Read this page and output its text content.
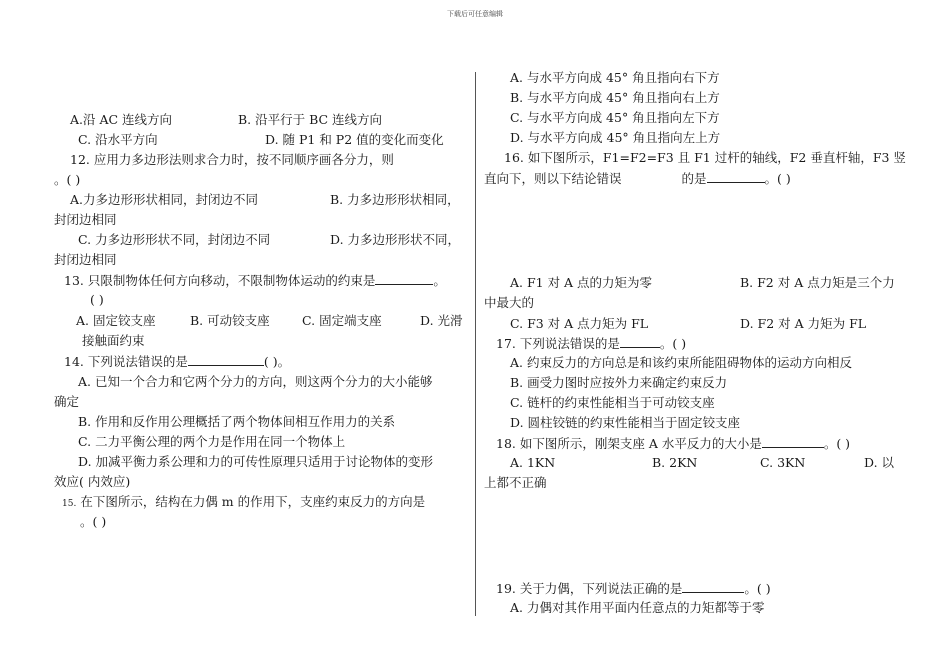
下载后可任意编辑
A.沿 AC 连线方向	B. 沿平行于 BC 连线方向
C. 沿水平方向	D. 随 P1 和 P2 值的变化而变化
12. 应用力多边形法则求合力时，按不同顺序画各分力，则
。( )
A.力多边形形状相同，封闭边不同	B. 力多边形形状相同，
封闭边相同
C. 力多边形形状不同，封闭边不同	D. 力多边形形状不同，
封闭边相同
13. 只限制物体任何方向移动，不限制物体运动的约束是	。
( )
A. 固定铰支座	B. 可动铰支座	C. 固定端支座	D. 光滑
接触面约束
14. 下列说法错误的是	( )。
A. 已知一个合力和它两个分力的方向，则这两个分力的大小能够
确定
B. 作用和反作用公理概括了两个物体间相互作用力的关系
C. 二力平衡公理的两个力是作用在同一个物体上
D. 加减平衡力系公理和力的可传性原理只适用于讨论物体的变形
效应( 内效应)
15. 在下图所示，结构在力偶 m 的作用下，支座约束反力的方向是
。( )
A. 与水平方向成 45° 角且指向右下方
B. 与水平方向成 45° 角且指向右上方
C. 与水平方向成 45° 角且指向左下方
D. 与水平方向成 45° 角且指向左上方
16. 如下图所示，F1=F2=F3 且 F1 过杆的轴线，F2 垂直杆轴，F3 竖
直向下，则以下结论错误	的是	。( )
A. F1 对 A 点的力矩为零	B. F2 对 A 点力矩是三个力
中最大的
C. F3 对 A 点力矩为 FL	D. F2 对 A 力矩为 FL
17. 下列说法错误的是	。( )
A. 约束反力的方向总是和该约束所能阻碍物体的运动方向相反
B. 画受力图时应按外力来确定约束反力
C. 链杆的约束性能相当于可动铰支座
D. 圆柱铰链的约束性能相当于固定铰支座
18. 如下图所示，刚架支座 A 水平反力的大小是	。( )
A. 1KN	B. 2KN	C. 3KN	D. 以
上都不正确
19. 关于力偶，下列说法正确的是	。( )
A. 力偶对其作用平面内任意点的力矩都等于零
